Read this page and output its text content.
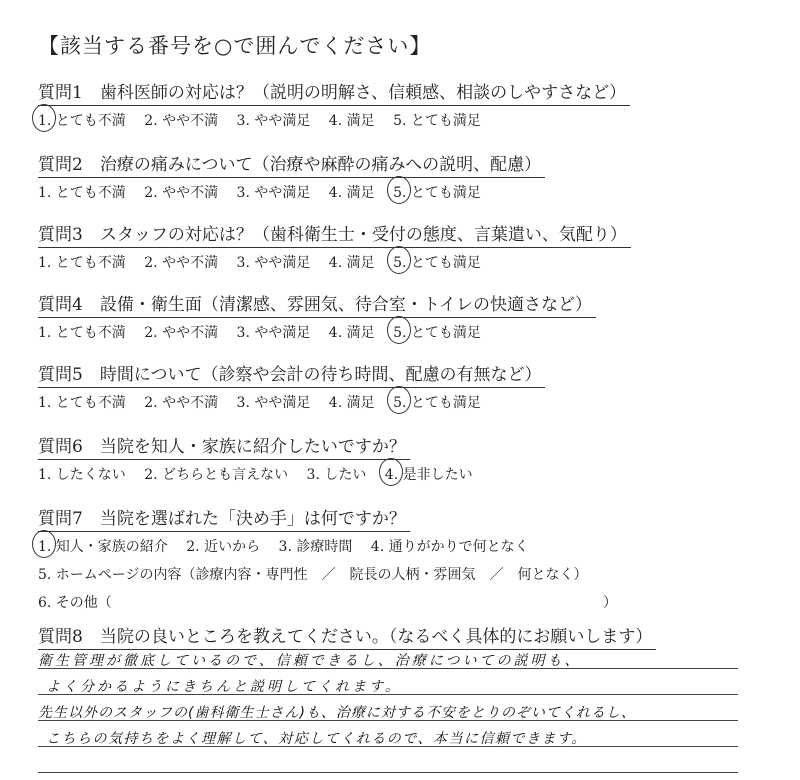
【該当する番号を○で囲んでください】
質問1　歯科医師の対応は？（説明の明解さ、信頼感、相談のしやすさなど）
1. とても不満 2. やや不満 3. やや満足 4. 満足 5. とても満足
質問2　治療の痛みについて（治療や麻酔の痛みへの説明、配慮）
1. とても不満 2. やや不満 3. やや満足 4. 満足 5. とても満足
質問3　スタッフの対応は？（歯科衛生士・受付の態度、言葉遣い、気配り）
1. とても不満 2. やや不満 3. やや満足 4. 満足 5. とても満足
質問4　設備・衛生面（清潔感、雰囲気、待合室・トイレの快適さなど）
1. とても不満 2. やや不満 3. やや満足 4. 満足 5. とても満足
質問5　時間について（診察や会計の待ち時間、配慮の有無など）
1. とても不満 2. やや不満 3. やや満足 4. 満足 5. とても満足
質問6　当院を知人・家族に紹介したいですか？
1. したくない 2. どちらとも言えない 3. したい 4. 是非したい
質問7　当院を選ばれた「決め手」は何ですか？
1. 知人・家族の紹介 2. 近いから 3. 診療時間 4. 通りがかりで何となく
5. ホームページの内容（診療内容・専門性　／　院長の人柄・雰囲気　／　何となく）
6. その他（	）
質問8　当院の良いところを教えてください。（なるべく具体的にお願いします）
衛生管理が徹底しているので、信頼できるし、治療についての説明も、
よく分かるようにきちんと説明してくれます。
先生以外のスタッフの(歯科衛生士さん)も、治療に対する不安をとりのぞいてくれるし、
こちらの気持ちをよく理解して、対応してくれるので、本当に信頼できます。
